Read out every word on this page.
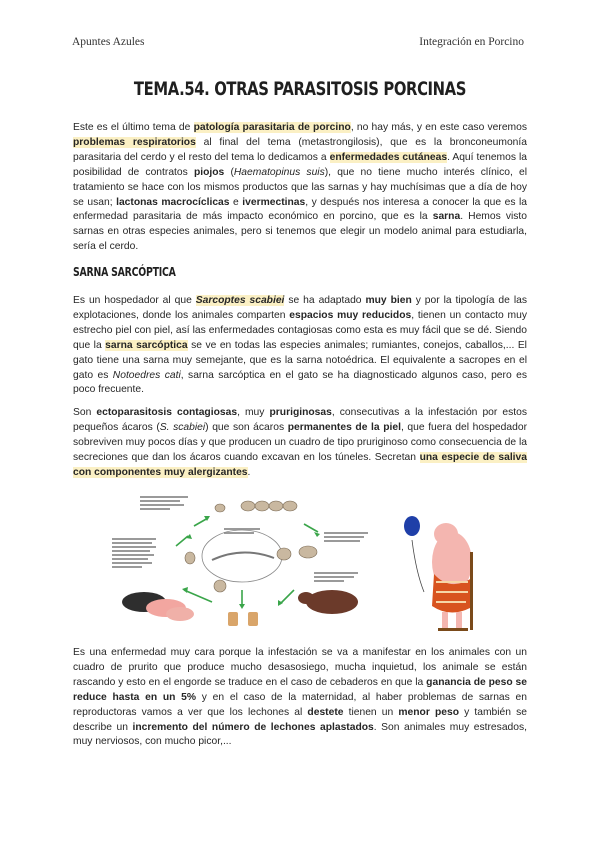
Apuntes Azules	Integración en Porcino
TEMA.54. OTRAS PARASITOSIS PORCINAS
Este es el último tema de patología parasitaria de porcino, no hay más, y en este caso veremos problemas respiratorios al final del tema (metastrongilosis), que es la bronconeumonía parasitaria del cerdo y el resto del tema lo dedicamos a enfermedades cutáneas. Aquí tenemos la posibilidad de contratos piojos (Haematopinus suis), que no tiene mucho interés clínico, el tratamiento se hace con los mismos productos que las sarnas y hay muchísimas que a día de hoy se usan; lactonas macrocíclicas e ivermectinas, y después nos interesa a conocer la que es la enfermedad parasitaria de más impacto económico en porcino, que es la sarna. Hemos visto sarnas en otras especies animales, pero si tenemos que elegir un modelo animal para estudiarla, sería el cerdo.
SARNA SARCÓPTICA
Es un hospedador al que Sarcoptes scabiei se ha adaptado muy bien y por la tipología de las explotaciones, donde los animales comparten espacios muy reducidos, tienen un contacto muy estrecho piel con piel, así las enfermedades contagiosas como esta es muy fácil que se dé. Siendo que la sarna sarcóptica se ve en todas las especies animales; rumiantes, conejos, caballos,... El gato tiene una sarna muy semejante, que es la sarna notoédrica. El equivalente a sacropes en el gato es Notoedres cati, sarna sarcóptica en el gato se ha diagnosticado algunos caso, pero es poco frecuente.
Son ectoparasitosis contagiosas, muy pruriginosas, consecutivas a la infestación por estos pequeños ácaros (S. scabiei) que son ácaros permanentes de la piel, que fuera del hospedador sobreviven muy pocos días y que producen un cuadro de tipo pruriginoso como consecuencia de la secreciones que dan los ácaros cuando excavan en los túneles. Secretan una especie de saliva con componentes muy alergizantes.
Es una enfermedad muy cara porque la infestación se va a manifestar en los animales con un cuadro de prurito que produce mucho desasosiego, mucha inquietud, los animale se están rascando y esto en el engorde se traduce en el caso de cebaderos en que la ganancia de peso se reduce hasta en un 5% y en el caso de la maternidad, al haber problemas de sarnas en reproductoras vamos a ver que los lechones al destete tienen un menor peso y también se describe un incremento del número de lechones aplastados. Son animales muy estresados, muy nerviosos, con mucho picor,...
